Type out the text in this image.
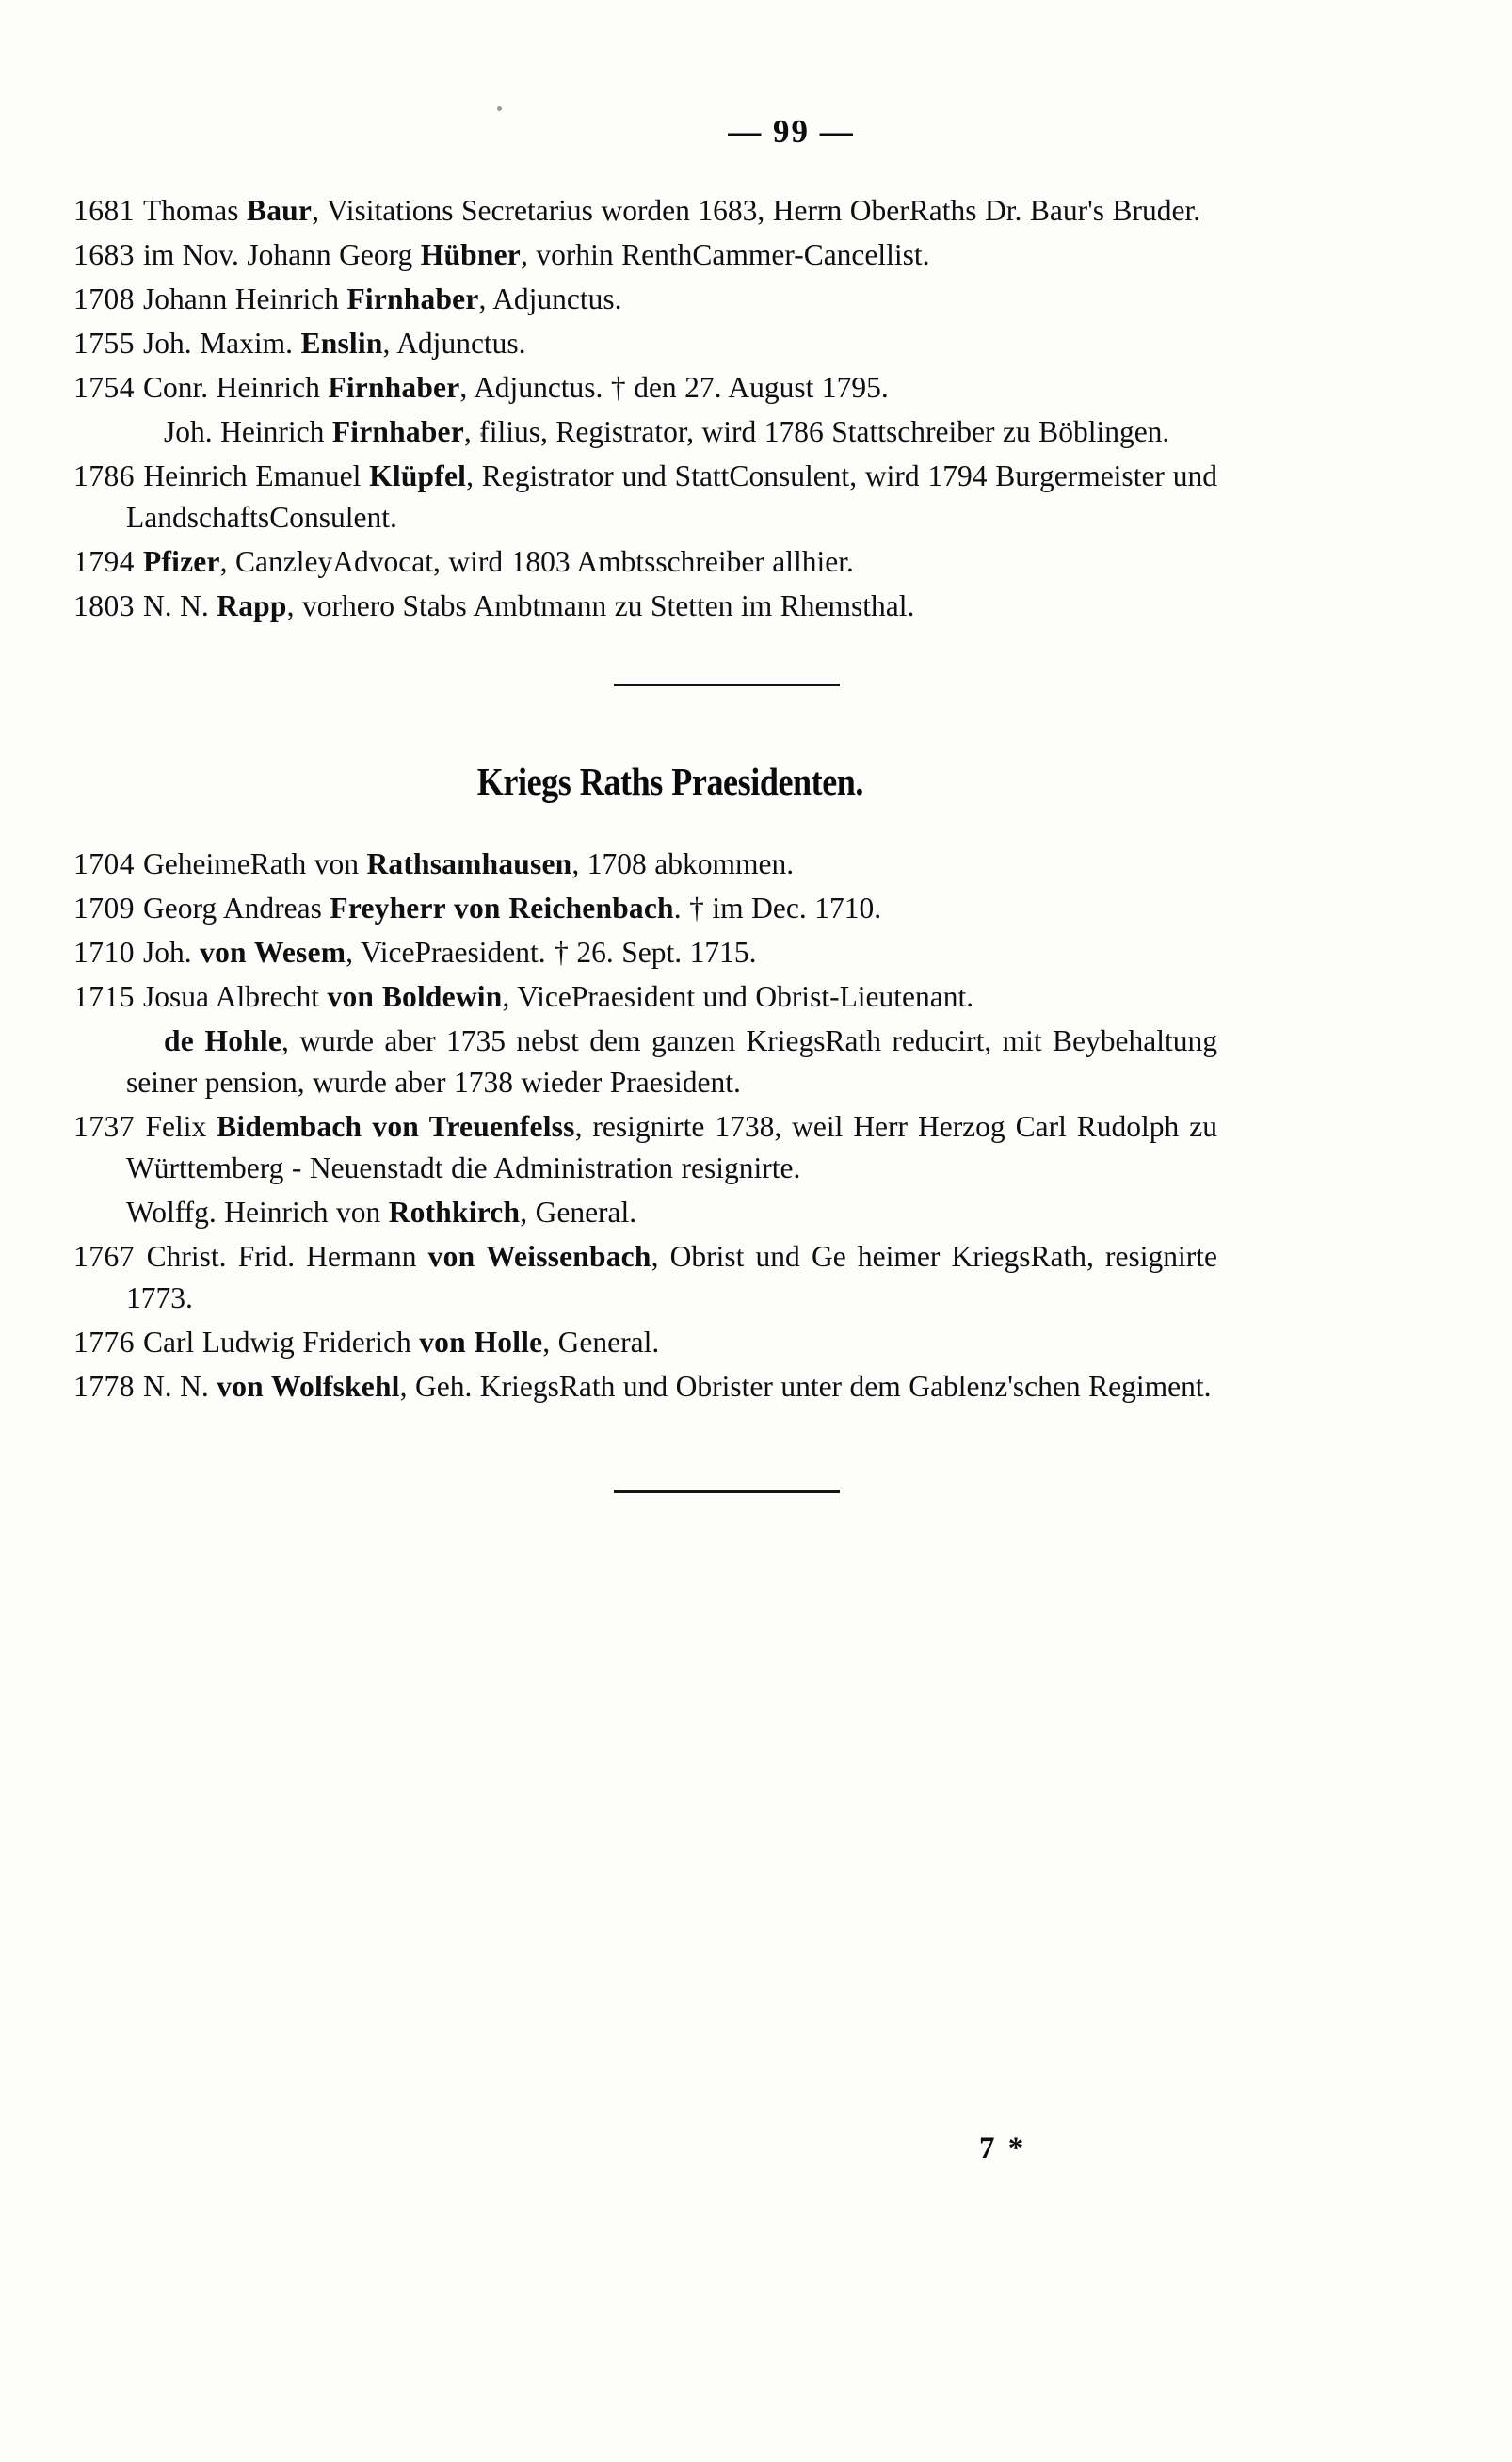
— 99 —

1681 Thomas Baur, Visitations Secretarius worden 1683, Herrn OberRaths Dr. Baur's Bruder.

1683 im Nov. Johann Georg Hübner, vorhin RenthCammer-Cancellist.

1708 Johann Heinrich Firnhaber, Adjunctus.

1755 Joh. Maxim. Enslin, Adjunctus.

1754 Conr. Heinrich Firnhaber, Adjunctus. † den 27. August 1795.

Joh. Heinrich Firnhaber, filius, Registrator, wird 1786 Stattschreiber zu Böblingen.

1786 Heinrich Emanuel Klüpfel, Registrator und StattConsulent, wird 1794 Burgermeister und LandschaftsConsulent.

1794 Pfizer, CanzleyAdvocat, wird 1803 Ambtsschreiber allhier.

1803 N. N. Rapp, vorhero Stabs Ambtmann zu Stetten im Rhemsthal.

Kriegs Raths Praesidenten.

1704 GeheimeRath von Rathsamhausen, 1708 abkommen.

1709 Georg Andreas Freyherr von Reichenbach. † im Dec. 1710.

1710 Joh. von Wesem, VicePraesident. † 26. Sept. 1715.

1715 Josua Albrecht von Boldewin, VicePraesident und Obrist-Lieutenant.

de Hohle, wurde aber 1735 nebst dem ganzen KriegsRath reducirt, mit Beybehaltung seiner pension, wurde aber 1738 wieder Praesident.

1737 Felix Bidembach von Treuenfelss, resignirte 1738, weil Herr Herzog Carl Rudolph zu Württemberg - Neuenstadt die Administration resignirte.

Wolffg. Heinrich von Rothkirch, General.

1767 Christ. Frid. Hermann von Weissenbach, Obrist und Ge heimer KriegsRath, resignirte 1773.

1776 Carl Ludwig Friderich von Holle, General.

1778 N. N. von Wolfskehl, Geh. KriegsRath und Obrister unter dem Gablenz'schen Regiment.

7 *
